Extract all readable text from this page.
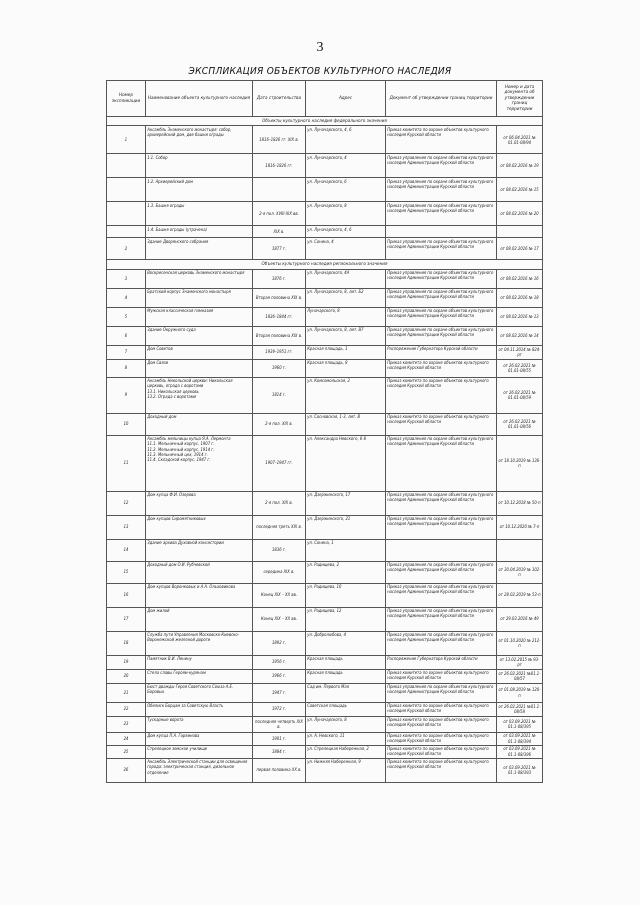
3
ЭКСПЛИКАЦИЯ ОБЪЕКТОВ КУЛЬТУРНОГО НАСЛЕДИЯ
Номер экспликации	Наименование объекта культурного наследия	Дата строительства	Адрес	Документ об утверждении границ территории	Номер и дата документа об утверждении границ территории
Объекты культурного наследия федерального значения					
1	Ансамбль Знаменского монастыря: собор, архиерейский дом, две башни ограды	1816–1826 гг. XIX в.	ул. Луначарского, 4, 6	Приказ комитета по охране объектов культурного наследия Курской области	от 06.04.2021 № 01.01-08/94
	1.1. Собор	1816–1826 гг.	ул. Луначарского, 4	Приказ управления по охране объектов культурного наследия Администрации Курской области	от 08.02.2016 № 19
	1.2. Архиерейский дом		ул. Луначарского, 6	Приказ управления по охране объектов культурного наследия Администрации Курской области	от 08.02.2016 № 15
	1.3. Башня ограды	2-я пол. XVIII-XIX вв.	ул. Луначарского, 8	Приказ управления по охране объектов культурного наследия Администрации Курской области	от 08.02.2016 № 20
	1.4. Башня ограды (утрачена)	XIX в.	ул. Луначарского, 4, 6		
2	Здание Дворянского собрания	1877 г.	ул. Сонина, 4	Приказ управления по охране объектов культурного наследия Администрации Курской области	от 08.02.2016 № 17
Объекты культурного наследия регионального значения					
3	Воскресенская церковь Знаменского монастыря	1876 г.	ул. Луначарского, 4А	Приказ управления по охране объектов культурного наследия Администрации Курской области	от 08.02.2016 № 16
4	Братский корпус Знаменского монастыря	Вторая половина XIX в.	ул. Луначарского, 8, лит. Б2	Приказ управления по охране объектов культурного наследия Администрации Курской области	от 08.02.2016 № 18
5	Мужская классическая гимназия	1836–1844 гг.	Луначарского, 8	Приказ управления по охране объектов культурного наследия Администрации Курской области	от 08.02.2016 № 13
6	Здание Окружного суда	Вторая половина XIX в.	ул. Луначарского, 8, лит. В7	Приказ управления по охране объектов культурного наследия Администрации Курской области	от 08.02.2016 № 14
7	Дом Советов	1939–1951 гг.	Красная площадь, 1	Распоряжение Губернатора Курской области	от 04.11.2014 № 824-рг
8	Дом Связи	1960 г.	Красная площадь, 8	Приказ комитета по охране объектов культурного наследия Курской области	от 26.02.2021 № 01.01-08/55
9	Ансамбль Никольской церкви: Никольская церковь, ограда с воротами
13.1. Никольская церковь
13.2. Ограда с воротами	1814 г.	ул. Комсомольская, 2	Приказ комитета по охране объектов культурного наследия Курской области	от 26.02.2021 № 01.01-08/59
10	Доходный дом	2-я пол. XIX в.	ул. Сосновская, 1-3, лит. В	Приказ комитета по охране объектов культурного наследия Курской области	от 26.02.2021 № 01.01-08/56
11	Ансамбль мельницы купца Я.А. Лермонта
11.1. Мельничный корпус, 1907 г.
11.2. Мельничный корпус, 1914 г.
11.3. Мельничный цех, 1914 г.
11.4. Складской корпус, 1947 г.	1907–1947 гг.	ул. Александра Невского, 6-8	Приказ управления по охране объектов культурного наследия Администрации Курской области	от 18.10.2019 № 136-п
12	Дом купца Ф.И. Озерова	2-я пол. XIX в.	ул. Дзержинского, 17	Приказ управления по охране объектов культурного наследия Администрации Курской области	от 10.12.2018 № 50-п
13	Дом купцов Сиромятниковых	последняя треть XIX в.	ул. Дзержинского, 21	Приказ управления по охране объектов культурного наследия Администрации Курской области	от 10.12.2020 № 7-п
14	Здание архива Духовной консистории	1836 г.	ул. Сонина, 1		
15	Доходный дом О.И. Рубчевской	середина XIX в.	ул. Радищева, 2	Приказ управления по охране объектов культурного наследия Администрации Курской области	от 30.04.2019 № 102-п
16	Дом купцов Воронковых и А.А. Ольховикова	Конец XIX – XX вв.	ул. Радищева, 10	Приказ управления по охране объектов культурного наследия Администрации Курской области	от 28.02.2019 № 53-п
17	Дом жилой	Конец XIX – XX вв.	ул. Радищева, 12	Приказ управления по охране объектов культурного наследия Администрации Курской области	от 29.03.2016 № 49
18	Служба пути Управления Московско-Киевско-Воронежской железной дороги	1892 г.	ул. Добролюбова, 4	Приказ управления по охране объектов культурного наследия Администрации Курской области	от 01.10.2020 № 212-п
19	Памятник В.И. Ленину	1956 г.	Красная площадь	Распоряжение Губернатора Курской области	от 13.02.2015 № 93-рг
20	Стела славы Героям-курянам	1966 г.	Красная площадь	Приказ комитета по охране объектов культурного наследия Курской области	от 26.02.2021 №01.1-08/57
21	Бюст дважды Героя Советского Союза А.Е. Боровых	1947 г.	Сад им. Первого Мая	Приказ управления по охране объектов культурного наследия Администрации Курской области	от 01.08.2019 № 120-п
22	Обелиск Борцам за Советскую Власть	1972 г.	Советская площадь	Приказ комитета по охране объектов культурного наследия Курской области	от 26.02.2021 №01.1-08/58
23	Тускарные ворота	последняя четверть XIX в.	ул. Луначарского, 8	Приказ комитета по охране объектов культурного наследия Курской области	от 03.09.2021 № 01.1-08/395
24	Дом купца П.А. Горяинова	1901 г.	ул. А. Невского, 11	Приказ комитета по охране объектов культурного наследия Курской области	от 03.09.2021 № 01.1-08/394
25	Стрелецкое земское училище	1884 г.	ул. Стрелецкая Набережная, 2	Приказ комитета по охране объектов культурного наследия Курской области	от 03.09.2021 № 01.1-08/396
26	Ансамбль Электрической станции для освещения города: электрическая станция, дизельное отделение	первая половина XX в.	ул. Нижняя Набережная, 9	Приказ комитета по охране объектов культурного наследия Курской области	от 03.09.2021 № 01.1-08/393
